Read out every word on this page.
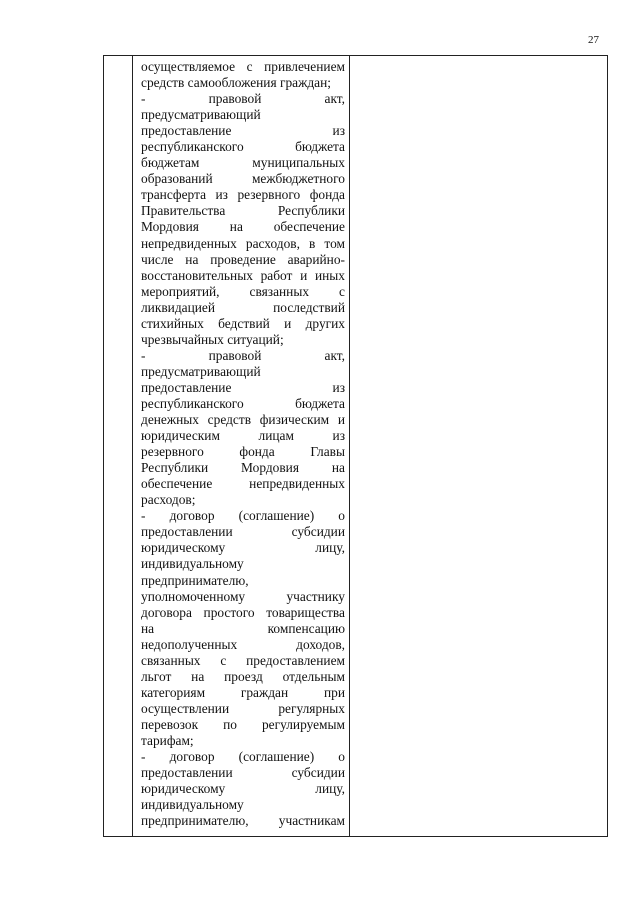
27
осуществляемое с привлечением
средств самообложения граждан;
- правовой акт,
предусматривающий
предоставление из
республиканского бюджета
бюджетам муниципальных
образований межбюджетного
трансферта из резервного фонда
Правительства Республики
Мордовия на обеспечение
непредвиденных расходов, в том
числе на проведение аварийно-
восстановительных работ и иных
мероприятий, связанных с
ликвидацией последствий
стихийных бедствий и других
чрезвычайных ситуаций;
- правовой акт,
предусматривающий
предоставление из
республиканского бюджета
денежных средств физическим и
юридическим лицам из
резервного фонда Главы
Республики Мордовия на
обеспечение непредвиденных
расходов;
- договор (соглашение) о
предоставлении субсидии
юридическому лицу,
индивидуальному
предпринимателю,
уполномоченному участнику
договора простого товарищества
на компенсацию
недополученных доходов,
связанных с предоставлением
льгот на проезд отдельным
категориям граждан при
осуществлении регулярных
перевозок по регулируемым
тарифам;
- договор (соглашение) о
предоставлении субсидии
юридическому лицу,
индивидуальному
предпринимателю, участникам
